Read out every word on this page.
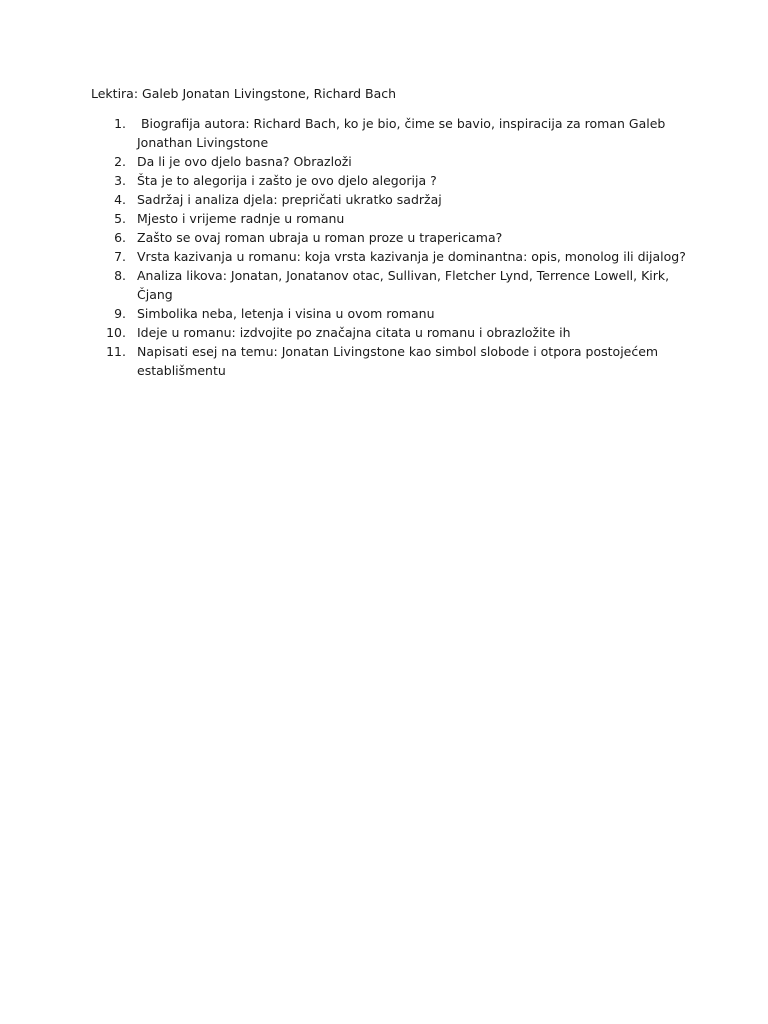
Lektira: Galeb Jonatan Livingstone, Richard Bach
1. Biografija autora: Richard Bach, ko je bio, čime se bavio, inspiracija za roman Galeb Jonathan Livingstone
2. Da li je ovo djelo basna? Obrazloži
3. Šta je to alegorija i zašto je ovo djelo alegorija ?
4. Sadržaj i analiza djela: prepričati ukratko sadržaj
5. Mjesto i vrijeme radnje u romanu
6. Zašto se ovaj roman ubraja u roman proze u trapericama?
7. Vrsta kazivanja u romanu: koja vrsta kazivanja je dominantna: opis, monolog ili dijalog?
8. Analiza likova: Jonatan, Jonatanov otac, Sullivan, Fletcher Lynd, Terrence Lowell, Kirk,  Čjang
9. Simbolika neba, letenja i visina u ovom romanu
10. Ideje u romanu: izdvojite po značajna citata u romanu i obrazložite ih
11. Napisati esej na temu: Jonatan Livingstone kao simbol slobode i otpora postojećem establišmentu
